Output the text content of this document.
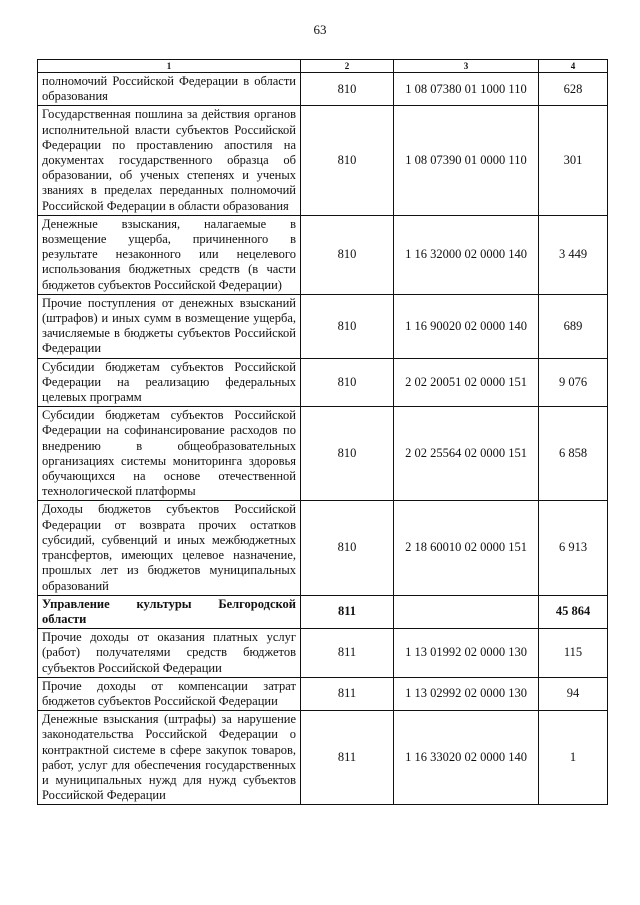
63
1	2	3	4
полномочий Российской Федерации в области образования	810	1 08 07380 01 1000 110	628
Государственная пошлина за действия органов исполнительной власти субъектов Российской Федерации по проставлению апостиля на документах государственного образца об образовании, об ученых степенях и ученых званиях в пределах переданных полномочий Российской Федерации в области образования	810	1 08 07390 01 0000 110	301
Денежные взыскания, налагаемые в возмещение ущерба, причиненного в результате незаконного или нецелевого использования бюджетных средств (в части бюджетов субъектов Российской Федерации)	810	1 16 32000 02 0000 140	3 449
Прочие поступления от денежных взысканий (штрафов) и иных сумм в возмещение ущерба, зачисляемые в бюджеты субъектов Российской Федерации	810	1 16 90020 02 0000 140	689
Субсидии бюджетам субъектов Российской Федерации на реализацию федеральных целевых программ	810	2 02 20051 02 0000 151	9 076
Субсидии бюджетам субъектов Российской Федерации на софинансирование расходов по внедрению в общеобразовательных организациях системы мониторинга здоровья обучающихся на основе отечественной технологической платформы	810	2 02 25564 02 0000 151	6 858
Доходы бюджетов субъектов Российской Федерации от возврата прочих остатков субсидий, субвенций и иных межбюджетных трансфертов, имеющих целевое назначение, прошлых лет из бюджетов муниципальных образований	810	2 18 60010 02 0000 151	6 913
Управление культуры Белгородской области	811		45 864
Прочие доходы от оказания платных услуг (работ) получателями средств бюджетов субъектов Российской Федерации	811	1 13 01992 02 0000 130	115
Прочие доходы от компенсации затрат бюджетов субъектов Российской Федерации	811	1 13 02992 02 0000 130	94
Денежные взыскания (штрафы) за нарушение законодательства Российской Федерации о контрактной системе в сфере закупок товаров, работ, услуг для обеспечения государственных и муниципальных нужд для нужд субъектов Российской Федерации	811	1 16 33020 02 0000 140	1
